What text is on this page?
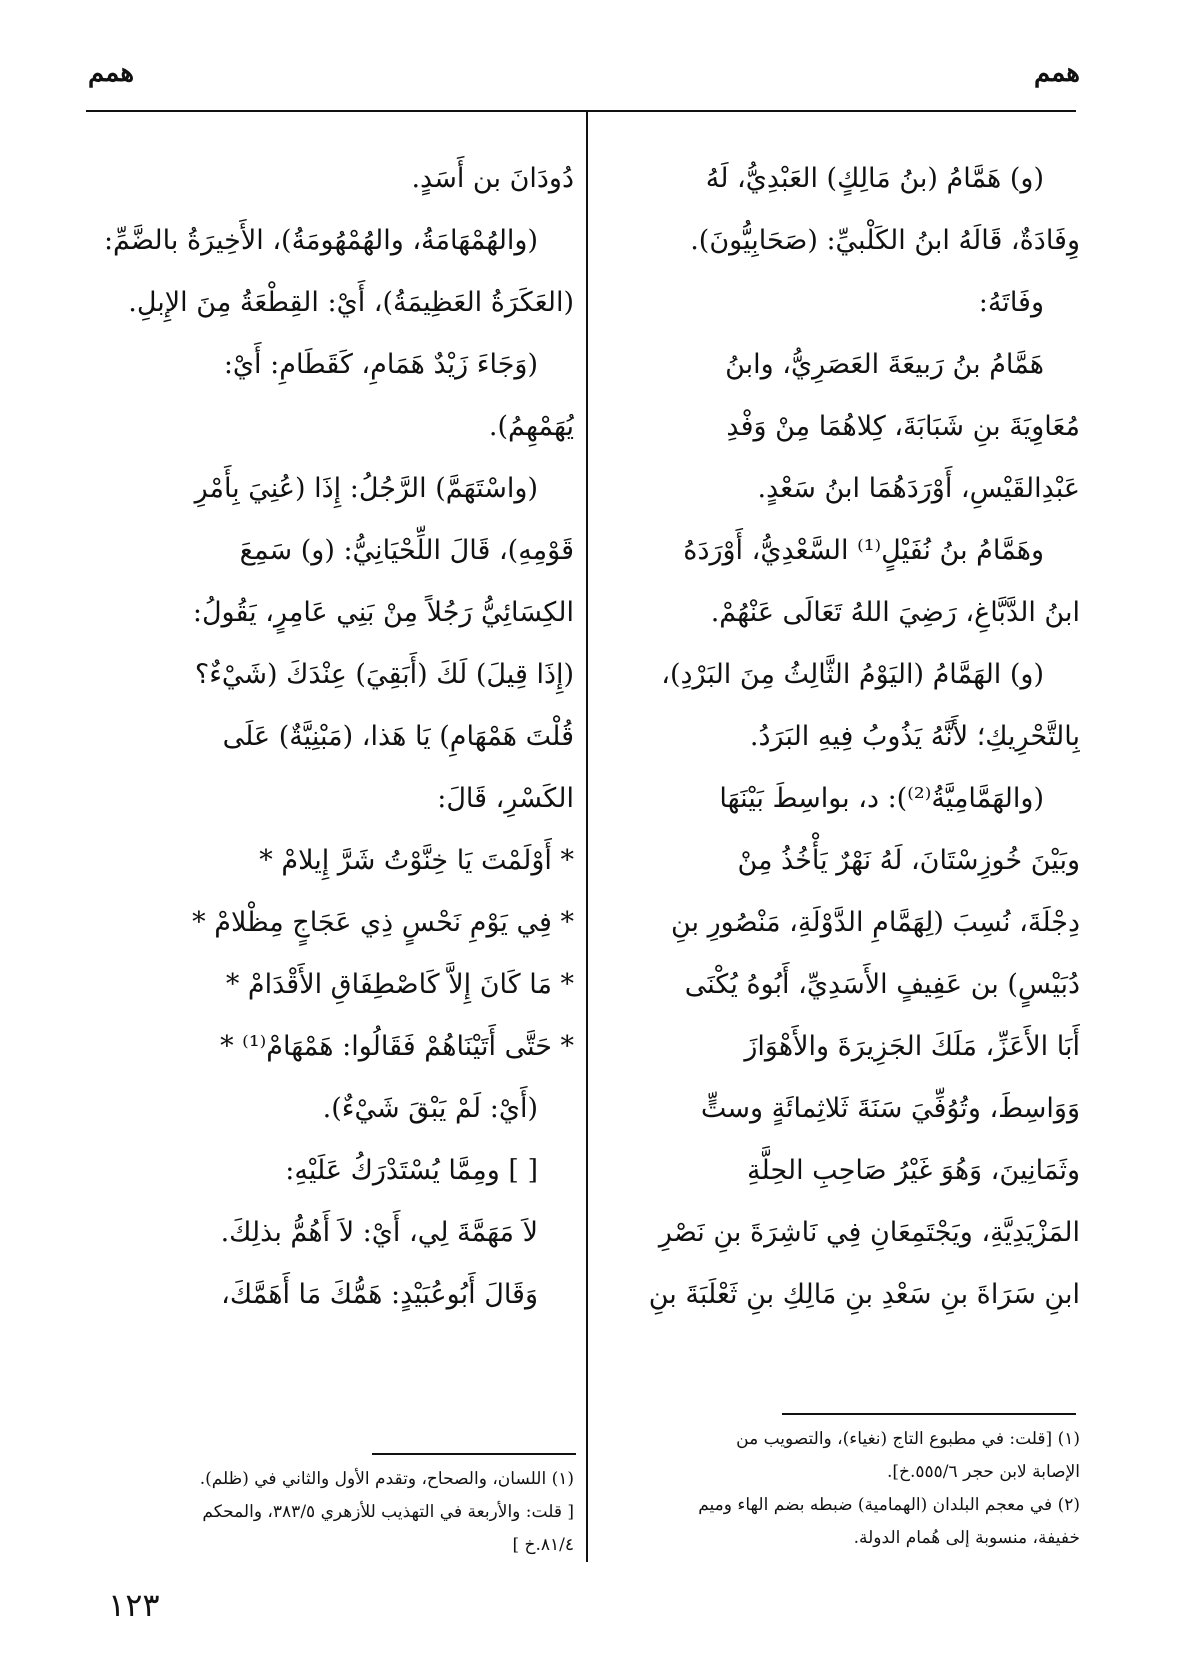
همم
همم
(و) هَمَّامُ (بنُ مَالِكٍ) العَبْدِيُّ، لَهُ
وِفَادَةٌ، قَالَهُ ابنُ الكَلْبيِّ: (صَحَابِيُّونَ).
وفَاتَهُ:
هَمَّامُ بنُ رَبيعَةَ العَصَرِيُّ، وابنُ
مُعَاوِيَةَ بنِ شَبَابَةَ، كِلاهُمَا مِنْ وَفْدِ
عَبْدِالقَيْسِ، أَوْرَدَهُمَا ابنُ سَعْدٍ.
وهَمَّامُ بنُ نُفَيْلٍ⁽¹⁾ السَّعْدِيُّ، أَوْرَدَهُ
ابنُ الدَّبَّاغِ، رَضِيَ اللهُ تَعَالَى عَنْهُمْ.
(و) الهَمَّامُ (اليَوْمُ الثَّالِثُ مِنَ البَرْدِ)،
بِالتَّحْرِيكِ؛ لأَنَّهُ يَذُوبُ فِيهِ البَرَدُ.
(والهَمَّامِيَّةُ⁽²⁾): د، بواسِطَ بَيْنَهَا
وبَيْنَ خُوزِسْتَانَ، لَهُ نَهْرٌ يَأْخُذُ مِنْ
دِجْلَةَ، نُسِبَ (لِهَمَّامِ الدَّوْلَةِ، مَنْصُورِ بنِ
دُبَيْسٍ) بن عَفِيفٍ الأَسَدِيِّ، أَبُوهُ يُكْنَى
أَبَا الأَعَزِّ، مَلَكَ الجَزِيرَةَ والأَهْوَازَ
وَوَاسِطَ، وتُوُفِّيَ سَنَةَ ثَلاثِمائَةٍ وستٍّ
وثَمَانِينَ، وَهُوَ غَيْرُ صَاحِبِ الحِلَّةِ
المَزْيَدِيَّةِ، ويَجْتَمِعَانِ فِي نَاشِرَةَ بنِ نَصْرِ
ابنِ سَرَاةَ بنِ سَعْدِ بنِ مَالِكِ بنِ ثَعْلَبَةَ بنِ
دُودَانَ بن أَسَدٍ.
(والهُمْهَامَةُ، والهُمْهُومَةُ)، الأَخِيرَةُ بالضَّمِّ:
(العَكَرَةُ العَظِيمَةُ)، أَيْ: القِطْعَةُ مِنَ الإِبلِ.
(وَجَاءَ زَيْدٌ هَمَامِ، كَقَطَامِ: أَيْ:
يُهَمْهِمُ).
(واسْتَهَمَّ) الرَّجُلُ: إِذَا (عُنِيَ بِأَمْرِ
قَوْمِهِ)، قَالَ اللِّحْيَانِيُّ: (و) سَمِعَ
الكِسَائِيُّ رَجُلاً مِنْ بَنِي عَامِرٍ، يَقُولُ:
(إِذَا قِيلَ) لَكَ (أَبَقِيَ) عِنْدَكَ (شَيْءٌ؟
قُلْتَ هَمْهَامِ) يَا هَذا، (مَبْنِيَّةٌ) عَلَى
الكَسْرِ، قَالَ:
* أَوْلَمْتَ يَا خِنَّوْتُ شَرَّ إِيلامْ *
* فِي يَوْمِ نَحْسٍ ذِي عَجَاجٍ مِظْلامْ *
* مَا كَانَ إِلاَّ كَاصْطِفَاقِ الأَقْدَامْ *
* حَتَّى أَتَيْنَاهُمْ فَقَالُوا: هَمْهَامْ⁽¹⁾ *
(أَيْ: لَمْ يَبْقَ شَيْءٌ).
[ ] ومِمَّا يُسْتَدْرَكُ عَلَيْهِ:
لاَ مَهَمَّةَ لِي، أَيْ: لاَ أَهُمُّ بذلِكَ.
وَقَالَ أَبُوعُبَيْدٍ: هَمُّكَ مَا أَهَمَّكَ،
(١) [قلت: في مطبوع التاج (نغياء)، والتصويب من
الإصابة لابن حجر ٥٥٥/٦.خ].
(٢) في معجم البلدان (الهمامية) ضبطه بضم الهاء وميم
خفيفة، منسوبة إلى هُمام الدولة.
(١) اللسان، والصحاح، وتقدم الأول والثاني في (ظلم).
[ قلت: والأربعة في التهذيب للأزهري ٣٨٣/٥، والمحكم
٨١/٤.خ ]
١٢٣
